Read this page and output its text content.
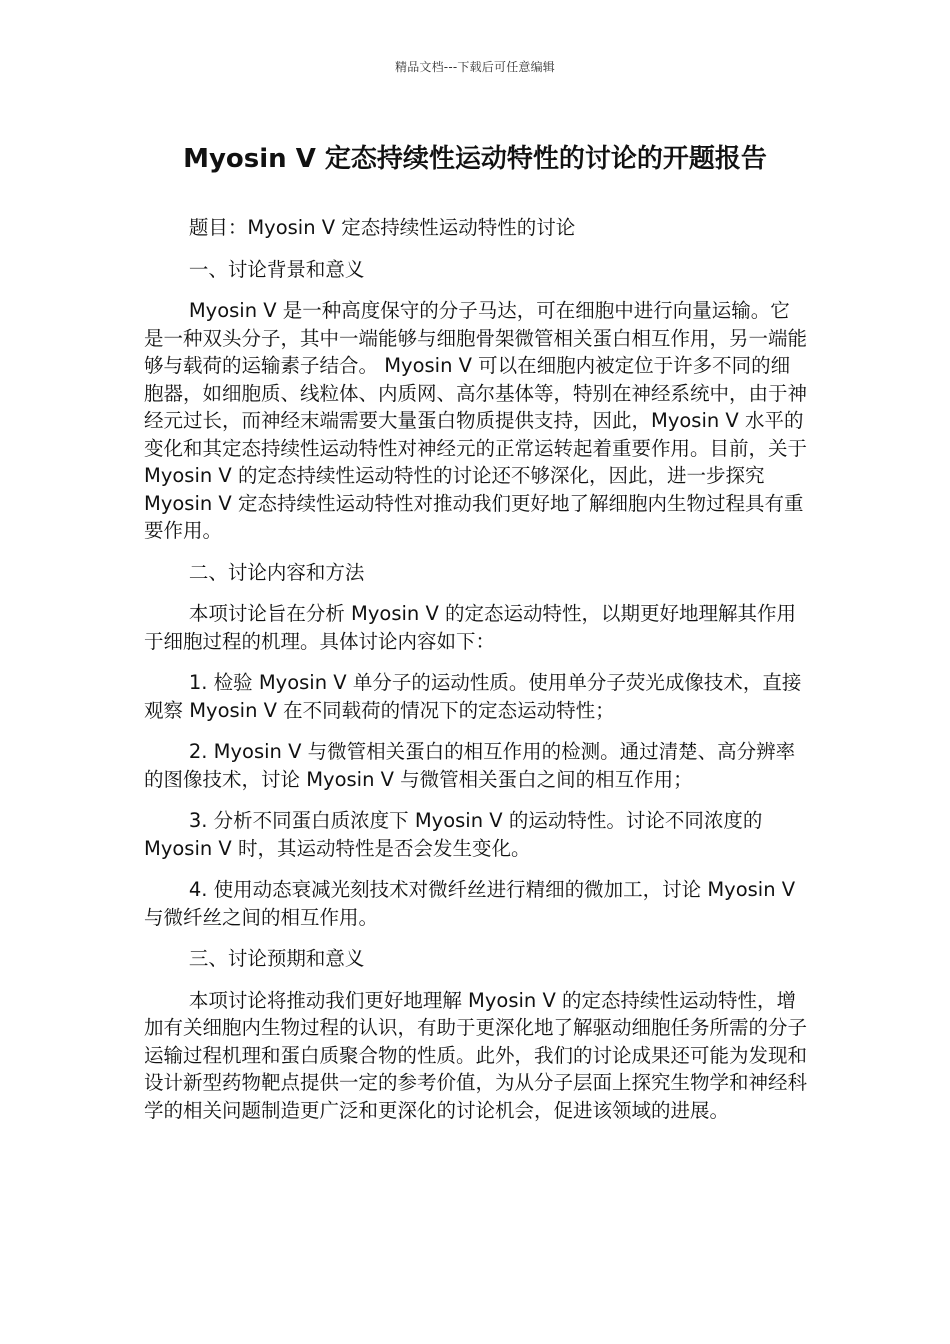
精品文档---下载后可任意编辑
Myosin V 定态持续性运动特性的讨论的开题报告

题目：Myosin V 定态持续性运动特性的讨论

一、讨论背景和意义

Myosin V 是一种高度保守的分子马达，可在细胞中进行向量运输。它是一种双头分子，其中一端能够与细胞骨架微管相关蛋白相互作用，另一端能够与载荷的运输素子结合。 Myosin V 可以在细胞内被定位于许多不同的细胞器，如细胞质、线粒体、内质网、高尔基体等，特别在神经系统中，由于神经元过长，而神经末端需要大量蛋白物质提供支持，因此，Myosin V 水平的变化和其定态持续性运动特性对神经元的正常运转起着重要作用。目前，关于 Myosin V 的定态持续性运动特性的讨论还不够深化，因此，进一步探究 Myosin V 定态持续性运动特性对推动我们更好地了解细胞内生物过程具有重要作用。

二、讨论内容和方法

本项讨论旨在分析 Myosin V 的定态运动特性，以期更好地理解其作用于细胞过程的机理。具体讨论内容如下：

1. 检验 Myosin V 单分子的运动性质。使用单分子荧光成像技术，直接观察 Myosin V 在不同载荷的情况下的定态运动特性；

2. Myosin V 与微管相关蛋白的相互作用的检测。通过清楚、高分辨率的图像技术，讨论 Myosin V 与微管相关蛋白之间的相互作用；

3. 分析不同蛋白质浓度下 Myosin V 的运动特性。讨论不同浓度的 Myosin V 时，其运动特性是否会发生变化。

4. 使用动态衰减光刻技术对微纤丝进行精细的微加工，讨论 Myosin V 与微纤丝之间的相互作用。

三、讨论预期和意义

本项讨论将推动我们更好地理解 Myosin V 的定态持续性运动特性，增加有关细胞内生物过程的认识，有助于更深化地了解驱动细胞任务所需的分子运输过程机理和蛋白质聚合物的性质。此外，我们的讨论成果还可能为发现和设计新型药物靶点提供一定的参考价值，为从分子层面上探究生物学和神经科学的相关问题制造更广泛和更深化的讨论机会，促进该领域的进展。
